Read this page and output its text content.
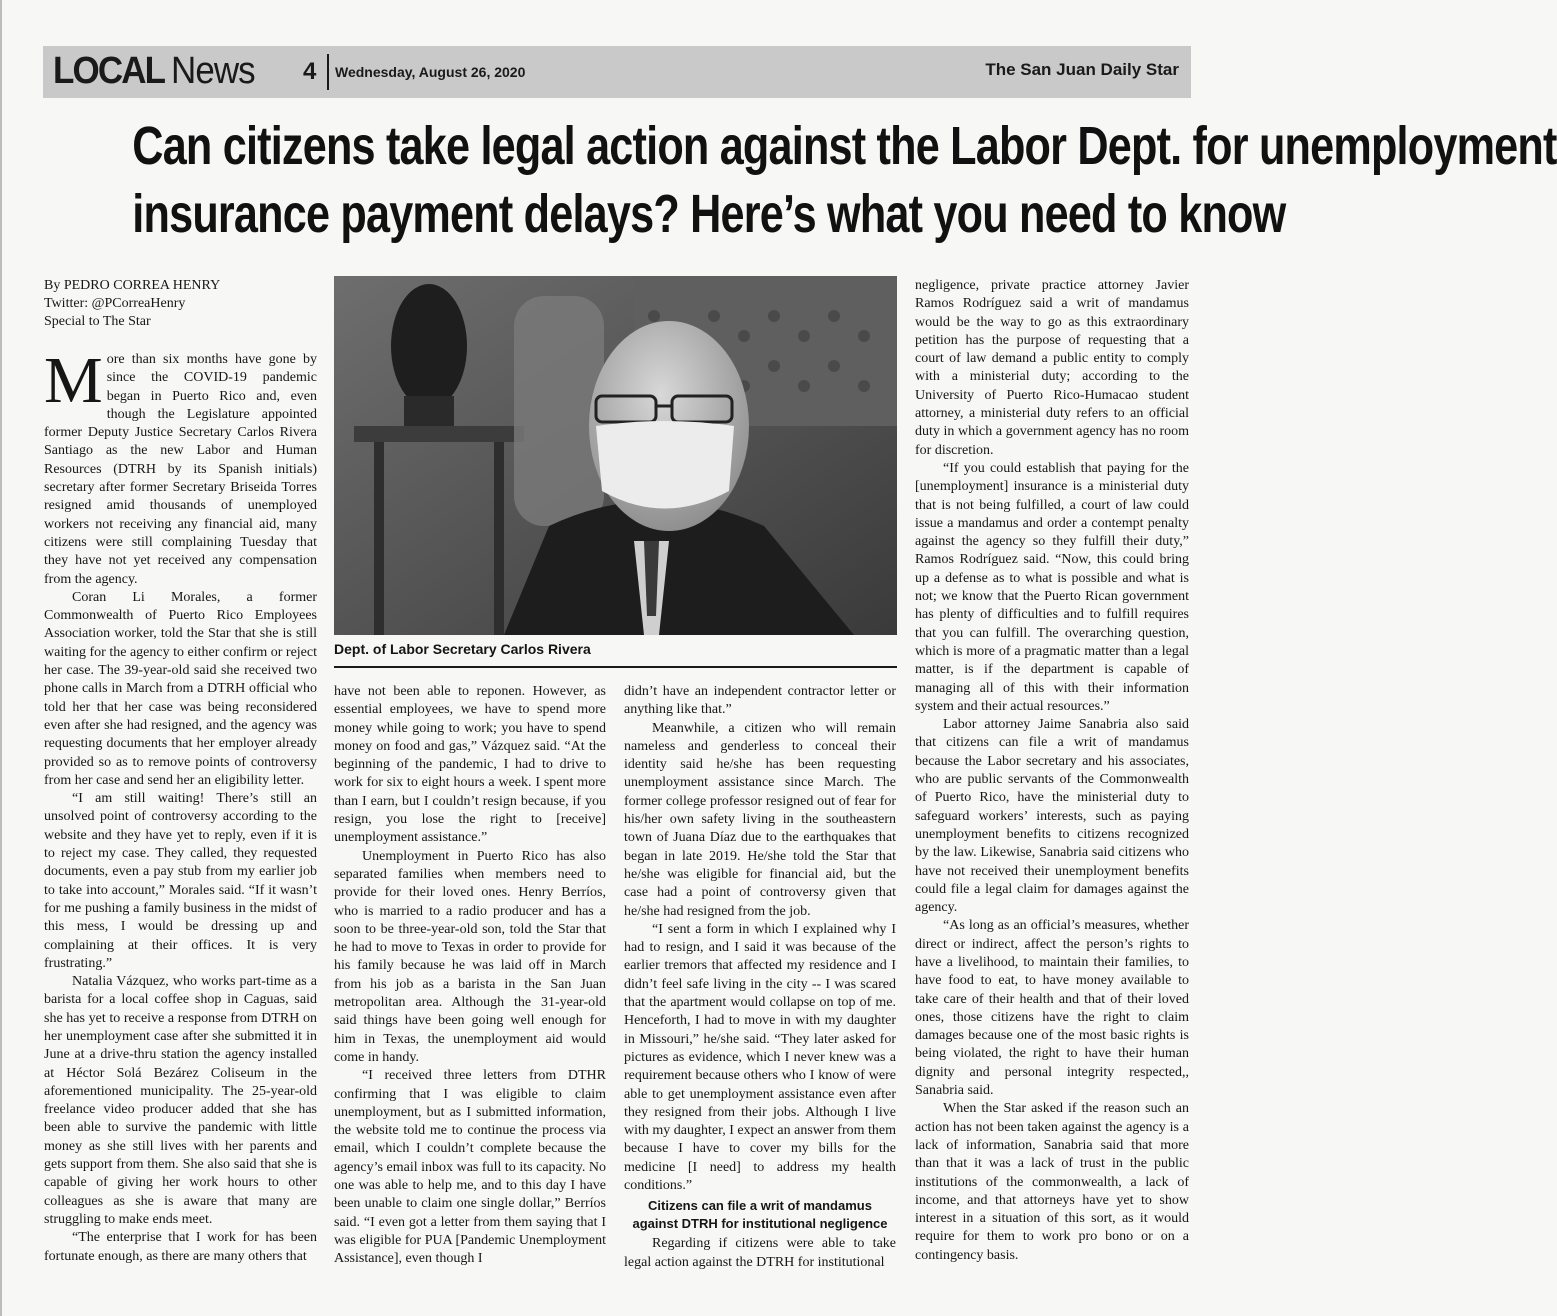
LOCAL News 4 Wednesday, August 26, 2020	The San Juan Daily Star
Can citizens take legal action against the Labor Dept. for unemployment
insurance payment delays? Here’s what you need to know
By PEDRO CORREA HENRY
Twitter: @PCorreaHenry
Special to The Star

More than six months have gone by since the COVID-19 pandemic began in Puerto Rico and, even though the Legislature appointed former Deputy Justice Secretary Carlos Rivera Santiago as the new Labor and Human Resources (DTRH by its Spanish initials) secretary after former Secretary Briseida Torres resigned amid thousands of unemployed workers not receiving any financial aid, many citizens were still complaining Tuesday that they have not yet received any compensation from the agency.

Coran Li Morales, a former Commonwealth of Puerto Rico Employees Association worker, told the Star that she is still waiting for the agency to either confirm or reject her case. The 39-year-old said she received two phone calls in March from a DTRH official who told her that her case was being reconsidered even after she had resigned, and the agency was requesting documents that her employer already provided so as to remove points of controversy from her case and send her an eligibility letter.

“I am still waiting! There’s still an unsolved point of controversy according to the website and they have yet to reply, even if it is to reject my case. They called, they requested documents, even a pay stub from my earlier job to take into account,” Morales said. “If it wasn’t for me pushing a family business in the midst of this mess, I would be dressing up and complaining at their offices. It is very frustrating.”

Natalia Vázquez, who works part-time as a barista for a local coffee shop in Caguas, said she has yet to receive a response from DTRH on her unemployment case after she submitted it in June at a drive-thru station the agency installed at Héctor Solá Bezárez Coliseum in the aforementioned municipality. The 25-year-old freelance video producer added that she has been able to survive the pandemic with little money as she still lives with her parents and gets support from them. She also said that she is capable of giving her work hours to other colleagues as she is aware that many are struggling to make ends meet.

“The enterprise that I work for has been fortunate enough, as there are many others that

Dept. of Labor Secretary Carlos Rivera

have not been able to reponen. However, as essential employees, we have to spend more money while going to work; you have to spend money on food and gas,” Vázquez said. “At the beginning of the pandemic, I had to drive to work for six to eight hours a week. I spent more than I earn, but I couldn’t resign because, if you resign, you lose the right to [receive] unemployment assistance.”

Unemployment in Puerto Rico has also separated families when members need to provide for their loved ones. Henry Berríos, who is married to a radio producer and has a soon to be three-year-old son, told the Star that he had to move to Texas in order to provide for his family because he was laid off in March from his job as a barista in the San Juan metropolitan area. Although the 31-year-old said things have been going well enough for him in Texas, the unemployment aid would come in handy.

“I received three letters from DTHR confirming that I was eligible to claim unemployment, but as I submitted information, the website told me to continue the process via email, which I couldn’t complete because the agency’s email inbox was full to its capacity. No one was able to help me, and to this day I have been unable to claim one single dollar,” Berríos said. “I even got a letter from them saying that I was eligible for PUA [Pandemic Unemployment Assistance], even though I

didn’t have an independent contractor letter or anything like that.”

Meanwhile, a citizen who will remain nameless and genderless to conceal their identity said he/she has been requesting unemployment assistance since March. The former college professor resigned out of fear for his/her own safety living in the southeastern town of Juana Díaz due to the earthquakes that began in late 2019. He/she told the Star that he/she was eligible for financial aid, but the case had a point of controversy given that he/she had resigned from the job.

“I sent a form in which I explained why I had to resign, and I said it was because of the earlier tremors that affected my residence and I didn’t feel safe living in the city -- I was scared that the apartment would collapse on top of me. Henceforth, I had to move in with my daughter in Missouri,” he/she said. “They later asked for pictures as evidence, which I never knew was a requirement because others who I know of were able to get unemployment assistance even after they resigned from their jobs. Although I live with my daughter, I expect an answer from them because I have to cover my bills for the medicine [I need] to address my health conditions.”

Citizens can file a writ of mandamus against DTRH for institutional negligence

Regarding if citizens were able to take legal action against the DTRH for institutional

negligence, private practice attorney Javier Ramos Rodríguez said a writ of mandamus would be the way to go as this extraordinary petition has the purpose of requesting that a court of law demand a public entity to comply with a ministerial duty; according to the University of Puerto Rico-Humacao student attorney, a ministerial duty refers to an official duty in which a government agency has no room for discretion.

“If you could establish that paying for the [unemployment] insurance is a ministerial duty that is not being fulfilled, a court of law could issue a mandamus and order a contempt penalty against the agency so they fulfill their duty,” Ramos Rodríguez said. “Now, this could bring up a defense as to what is possible and what is not; we know that the Puerto Rican government has plenty of difficulties and to fulfill requires that you can fulfill. The overarching question, which is more of a pragmatic matter than a legal matter, is if the department is capable of managing all of this with their information system and their actual resources.”

Labor attorney Jaime Sanabria also said that citizens can file a writ of mandamus because the Labor secretary and his associates, who are public servants of the Commonwealth of Puerto Rico, have the ministerial duty to safeguard workers’ interests, such as paying unemployment benefits to citizens recognized by the law. Likewise, Sanabria said citizens who have not received their unemployment benefits could file a legal claim for damages against the agency.

“As long as an official’s measures, whether direct or indirect, affect the person’s rights to have a livelihood, to maintain their families, to have food to eat, to have money available to take care of their health and that of their loved ones, those citizens have the right to claim damages because one of the most basic rights is being violated, the right to have their human dignity and personal integrity respected,, Sanabria said.

When the Star asked if the reason such an action has not been taken against the agency is a lack of information, Sanabria said that more than that it was a lack of trust in the public institutions of the commonwealth, a lack of income, and that attorneys have yet to show interest in a situation of this sort, as it would require for them to work pro bono or on a contingency basis.
